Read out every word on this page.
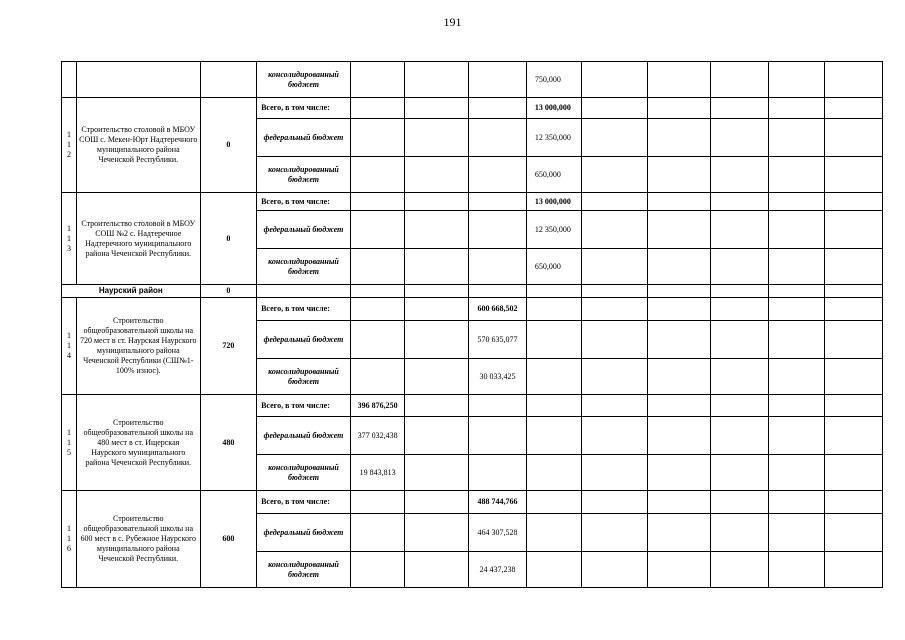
191
			консолидированный бюджет				750,000					

1
1
2	Строительство столовой в МБОУ СОШ с. Мекен-Юрт Надтеречного муниципального района Чеченской Республики.	0	Всего, в том числе:				13 000,000					
			федеральный бюджет				12 350,000					
			консолидированный бюджет				650,000					

1
1
3	Строительство столовой в МБОУ СОШ №2 с. Надтеречное Надтеречного муниципального района Чеченской Республики.	0	Всего, в том числе:				13 000,000					
			федеральный бюджет				12 350,000					
			консолидированный бюджет				650,000					
Наурский район		0										

1
1
4	Строительство общеобразовательной школы на 720 мест в ст. Наурская Наурского муниципального района Чеченской Республики (СШ№1-100% износ).	720	Всего, в том числе:			600 668,502						
			федеральный бюджет			570 635,077						
			консолидированный бюджет			30 033,425						

1
1
5	Строительство общеобразовательной школы на 480 мест в ст. Ищерская Наурского муниципального района Чеченской Республики.	480	Всего, в том числе:	396 876,250								
			федеральный бюджет	377 032,438								
			консолидированный бюджет	19 843,813								

1
1
6	Строительство общеобразовательной школы на 600 мест в с. Рубежное Наурского муниципального района Чеченской Республики.	600	Всего, в том числе:			488 744,766						
			федеральный бюджет			464 307,528						
			консолидированный бюджет			24 437,238						
